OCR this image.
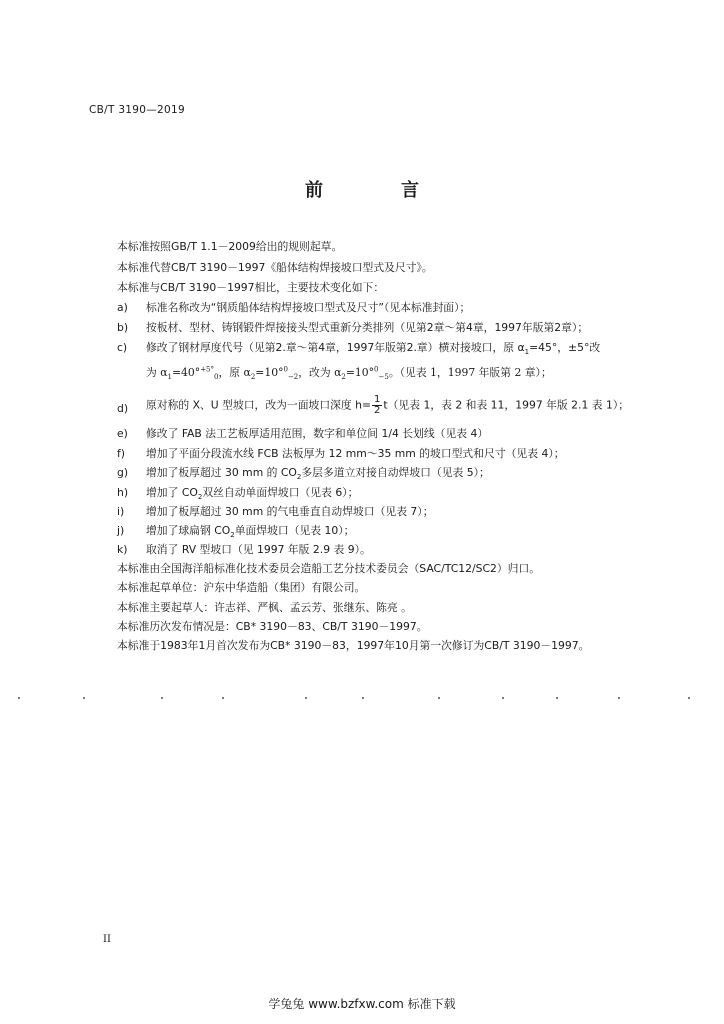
CB/T 3190—2019
前　言
本标准按照GB/T 1.1－2009给出的规则起草。
本标准代替CB/T 3190－1997《船体结构焊接坡口型式及尺寸》。
本标准与CB/T 3190－1997相比，主要技术变化如下：
a) 标准名称改为“钢质船体结构焊接坡口型式及尺寸”（见本标准封面）；
b) 按板材、型材、铸钢锻件焊接接头型式重新分类排列（见第2章～第4章，1997年版第2章）；
c) 修改了钢材厚度代号（见第2.章～第4章，1997年版第2.章）横对接坡口，原 $\alpha_1=45^\circ$，±5°改
为 $\alpha_1=40^\circ^{+5^\circ}_0$，原 $\alpha_2=10^\circ^0_{-2}$，改为 $\alpha_2=10^\circ^0_{-5}$。（见表 1，1997 年版第 2 章）；
d) 原对称的 X、U 型坡口，改为一面坡口深度 $h= \frac{1}{2} t$（见表 1，表 2 和表 11，1997 年版 2.1 表 1）；
e) 修改了 FAB 法工艺板厚适用范围，数字和单位间 1/4 长划线（见表 4）
f) 增加了平面分段流水线 FCB 法板厚为 12 mm～35 mm 的坡口型式和尺寸（见表 4）；
g) 增加了板厚超过 30 mm 的 $CO_2$多层多道立对接自动焊坡口（见表 5）；
h) 增加了 $CO_2$双丝自动单面焊坡口（见表 6）；
i) 增加了板厚超过 30 mm 的气电垂直自动焊坡口（见表 7）；
j) 增加了球扁钢 $CO_2$单面焊坡口（见表 10）；
k) 取消了 RV 型坡口（见 1997 年版 2.9 表 9）。
本标准由全国海洋船标准化技术委员会造船工艺分技术委员会（SAC/TC12/SC2）归口。
本标准起草单位：沪东中华造船（集团）有限公司。
本标准主要起草人：许志祥、严枫、孟云芳、张继东、陈亮 。
本标准历次发布情况是：CB* 3190－83、CB/T 3190－1997。
本标准于1983年1月首次发布为CB* 3190－83，1997年10月第一次修订为CB/T 3190－1997。
II
学兔兔 www.bzfxw.com 标准下载
